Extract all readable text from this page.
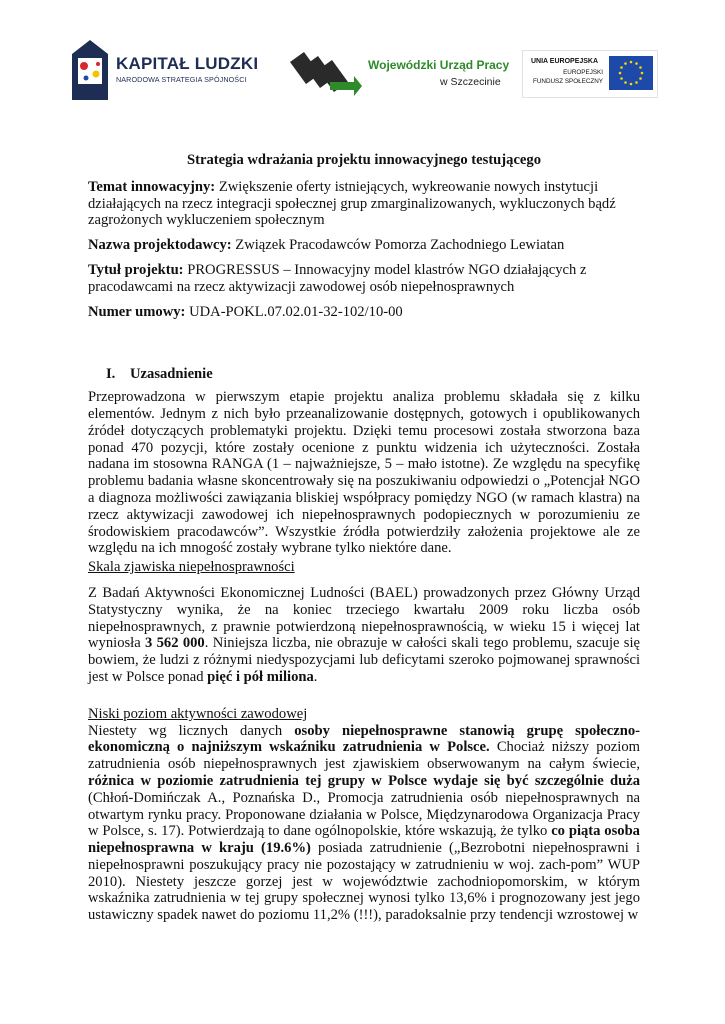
KAPITAŁ LUDZKI
NARODOWA STRATEGIA SPÓJNOŚCI
Wojewódzki Urząd Pracy
w Szczecinie
UNIA EUROPEJSKA
EUROPEJSKI
FUNDUSZ SPOŁECZNY
Strategia wdrażania projektu innowacyjnego testującego

Temat innowacyjny: Zwiększenie oferty istniejących, wykreowanie nowych instytucji działających na rzecz integracji społecznej grup zmarginalizowanych, wykluczonych bądź zagrożonych wykluczeniem społecznym

Nazwa projektodawcy: Związek Pracodawców Pomorza Zachodniego Lewiatan

Tytuł projektu: PROGRESSUS – Innowacyjny model klastrów NGO działających z pracodawcami na rzecz aktywizacji zawodowej osób niepełnosprawnych

Numer umowy: UDA-POKL.07.02.01-32-102/10-00

I. Uzasadnienie

Przeprowadzona w pierwszym etapie projektu analiza problemu składała się z kilku elementów. Jednym z nich było przeanalizowanie dostępnych, gotowych i opublikowanych źródeł dotyczących problematyki projektu. Dzięki temu procesowi została stworzona baza ponad 470 pozycji, które zostały ocenione z punktu widzenia ich użyteczności. Została nadana im stosowna RANGA (1 – najważniejsze, 5 – mało istotne). Ze względu na specyfikę problemu badania własne skoncentrowały się na poszukiwaniu odpowiedzi o „Potencjał NGO a diagnoza możliwości zawiązania bliskiej współpracy pomiędzy NGO (w ramach klastra) na rzecz aktywizacji zawodowej ich niepełnosprawnych podopiecznych w porozumieniu ze środowiskiem pracodawców”. Wszystkie źródła potwierdziły założenia projektowe ale ze względu na ich mnogość zostały wybrane tylko niektóre dane.

Skala zjawiska niepełnosprawności

Z Badań Aktywności Ekonomicznej Ludności (BAEL) prowadzonych przez Główny Urząd Statystyczny wynika, że na koniec trzeciego kwartału 2009 roku liczba osób niepełnosprawnych, z prawnie potwierdzoną niepełnosprawnością, w wieku 15 i więcej lat wyniosła 3 562 000. Niniejsza liczba, nie obrazuje w całości skali tego problemu, szacuje się bowiem, że ludzi z różnymi niedyspozycjami lub deficytami szeroko pojmowanej sprawności jest w Polsce ponad pięć i pół miliona.

Niski poziom aktywności zawodowej

Niestety wg licznych danych osoby niepełnosprawne stanowią grupę społeczno-ekonomiczną o najniższym wskaźniku zatrudnienia w Polsce. Chociaż niższy poziom zatrudnienia osób niepełnosprawnych jest zjawiskiem obserwowanym na całym świecie, różnica w poziomie zatrudnienia tej grupy w Polsce wydaje się być szczególnie duża (Chłoń-Domińczak A., Poznańska D., Promocja zatrudnienia osób niepełnosprawnych na otwartym rynku pracy. Proponowane działania w Polsce, Międzynarodowa Organizacja Pracy w Polsce, s. 17). Potwierdzają to dane ogólnopolskie, które wskazują, że tylko co piąta osoba niepełnosprawna w kraju (19.6%) posiada zatrudnienie („Bezrobotni niepełnosprawni i niepełnosprawni poszukujący pracy nie pozostający w zatrudnieniu w woj. zach-pom” WUP 2010). Niestety jeszcze gorzej jest w województwie zachodniopomorskim, w którym wskaźnika zatrudnienia w tej grupy społecznej wynosi tylko 13,6% i prognozowany jest jego ustawiczny spadek nawet do poziomu 11,2% (!!!), paradoksalnie przy tendencji wzrostowej w
